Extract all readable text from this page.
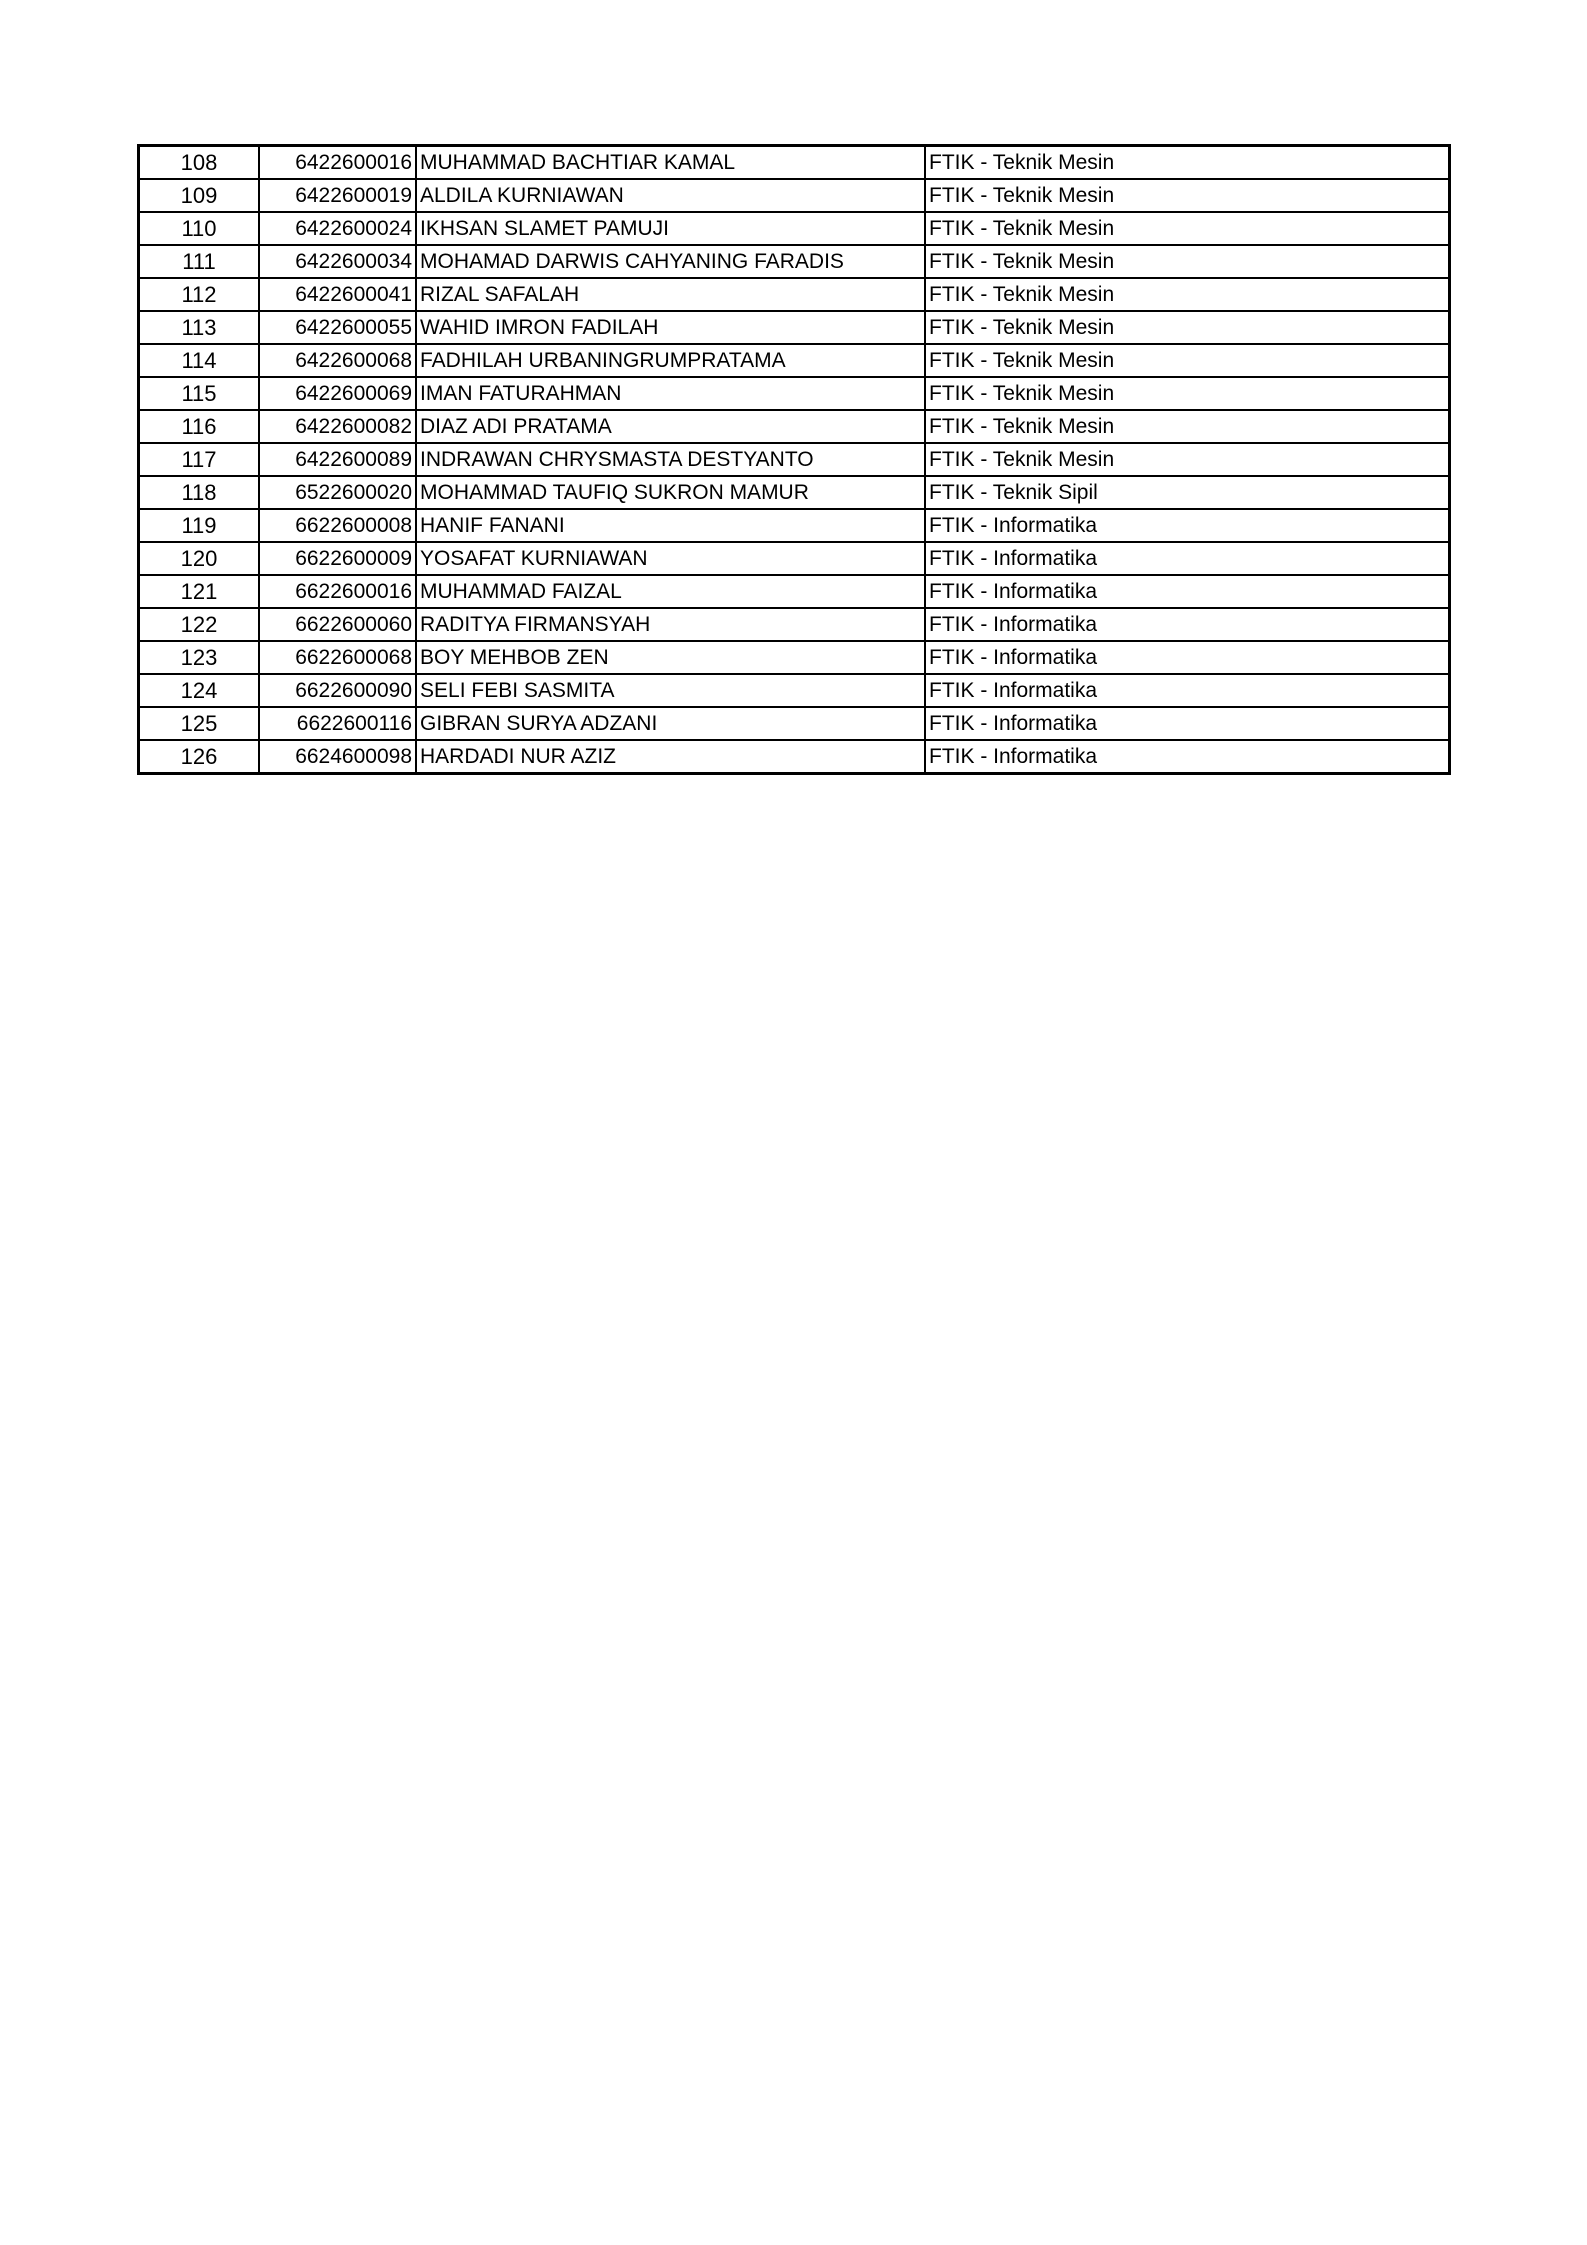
108	6422600016	MUHAMMAD BACHTIAR KAMAL	FTIK - Teknik Mesin
109	6422600019	ALDILA KURNIAWAN	FTIK - Teknik Mesin
110	6422600024	IKHSAN SLAMET PAMUJI	FTIK - Teknik Mesin
111	6422600034	MOHAMAD DARWIS CAHYANING FARADIS	FTIK - Teknik Mesin
112	6422600041	RIZAL SAFALAH	FTIK - Teknik Mesin
113	6422600055	WAHID IMRON FADILAH	FTIK - Teknik Mesin
114	6422600068	FADHILAH URBANINGRUMPRATAMA	FTIK - Teknik Mesin
115	6422600069	IMAN FATURAHMAN	FTIK - Teknik Mesin
116	6422600082	DIAZ ADI PRATAMA	FTIK - Teknik Mesin
117	6422600089	INDRAWAN CHRYSMASTA DESTYANTO	FTIK - Teknik Mesin
118	6522600020	MOHAMMAD TAUFIQ SUKRON MAMUR	FTIK - Teknik Sipil
119	6622600008	HANIF FANANI	FTIK - Informatika
120	6622600009	YOSAFAT KURNIAWAN	FTIK - Informatika
121	6622600016	MUHAMMAD FAIZAL	FTIK - Informatika
122	6622600060	RADITYA FIRMANSYAH	FTIK - Informatika
123	6622600068	BOY MEHBOB ZEN	FTIK - Informatika
124	6622600090	SELI FEBI SASMITA	FTIK - Informatika
125	6622600116	GIBRAN SURYA ADZANI	FTIK - Informatika
126	6624600098	HARDADI NUR AZIZ	FTIK - Informatika
